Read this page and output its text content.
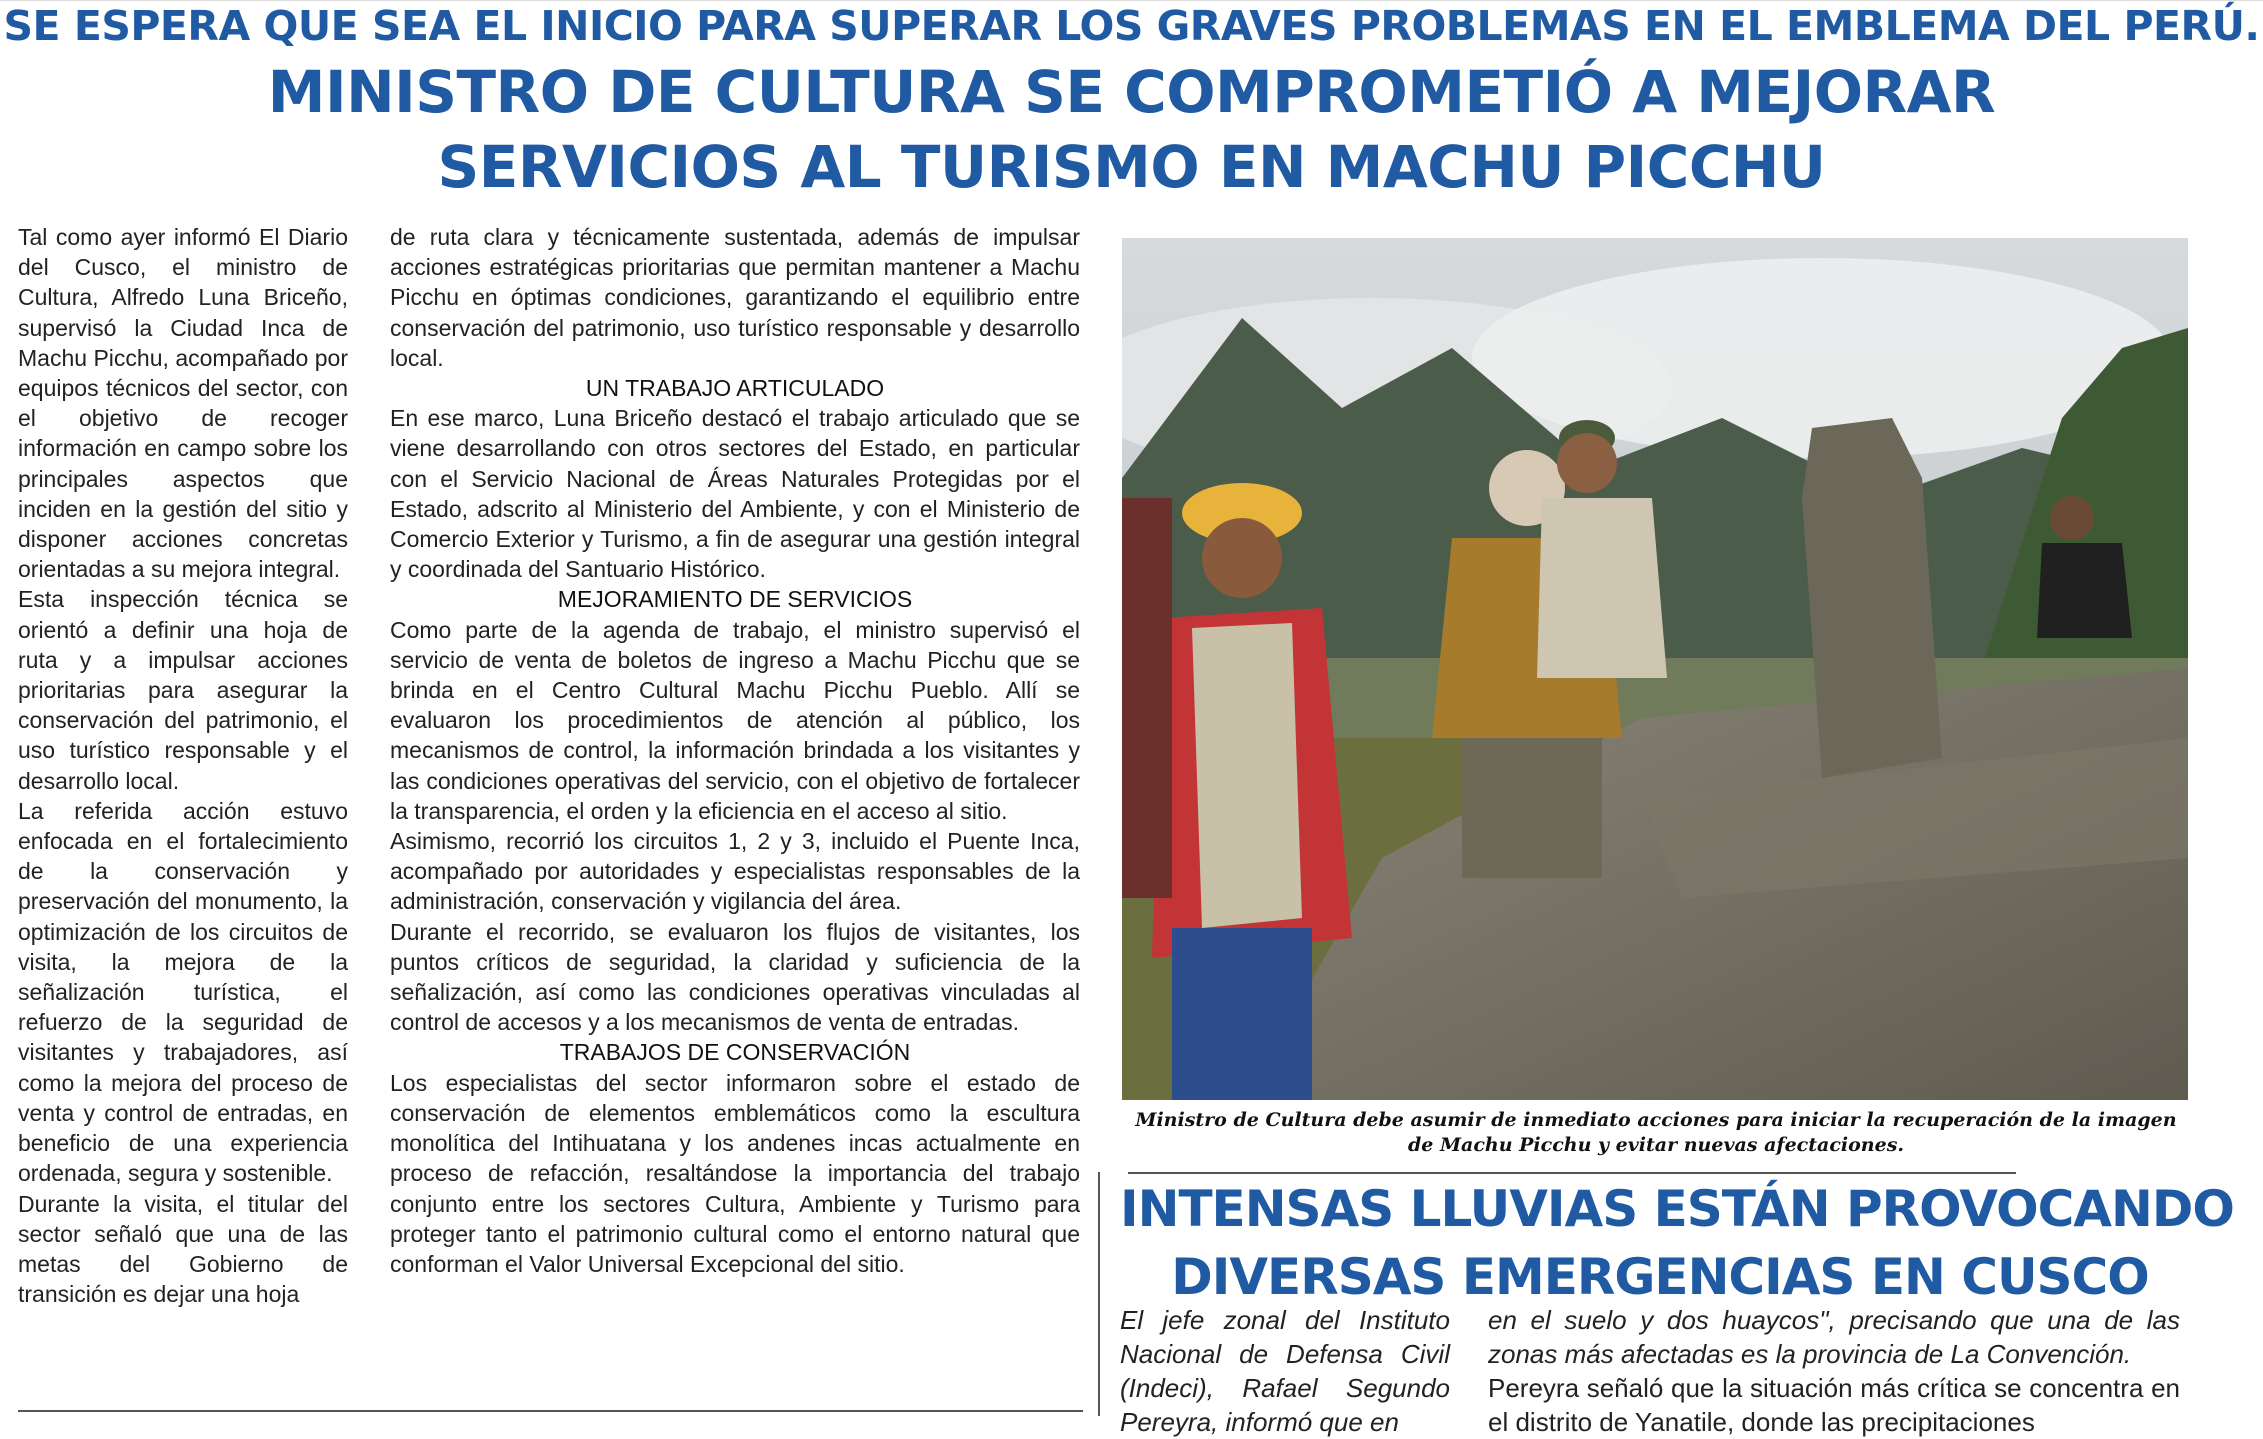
SE ESPERA QUE SEA EL INICIO PARA SUPERAR LOS GRAVES PROBLEMAS EN EL EMBLEMA DEL PERÚ.
MINISTRO DE CULTURA SE COMPROMETIÓ A MEJORAR
SERVICIOS AL TURISMO EN MACHU PICCHU

Tal como ayer informó El Diario del Cusco, el ministro de Cultura, Alfredo Luna Briceño, supervisó la Ciudad Inca de Machu Picchu, acompañado por equipos técnicos del sector, con el objetivo de recoger información en campo sobre los principales aspectos que inciden en la gestión del sitio y disponer acciones concretas orientadas a su mejora integral.

Esta inspección técnica se orientó a definir una hoja de ruta y a impulsar acciones prioritarias para asegurar la conservación del patrimonio, el uso turístico responsable y el desarrollo local.

La referida acción estuvo enfocada en el fortalecimiento de la conservación y preservación del monumento, la optimización de los circuitos de visita, la mejora de la señalización turística, el refuerzo de la seguridad de visitantes y trabajadores, así como la mejora del proceso de venta y control de entradas, en beneficio de una experiencia ordenada, segura y sostenible.

Durante la visita, el titular del sector señaló que una de las metas del Gobierno de transición es dejar una hoja

de ruta clara y técnicamente sustentada, además de impulsar acciones estratégicas prioritarias que permitan mantener a Machu Picchu en óptimas condiciones, garantizando el equilibrio entre conservación del patrimonio, uso turístico responsable y desarrollo local.

UN TRABAJO ARTICULADO

En ese marco, Luna Briceño destacó el trabajo articulado que se viene desarrollando con otros sectores del Estado, en particular con el Servicio Nacional de Áreas Naturales Protegidas por el Estado, adscrito al Ministerio del Ambiente, y con el Ministerio de Comercio Exterior y Turismo, a fin de asegurar una gestión integral y coordinada del Santuario Histórico.

MEJORAMIENTO DE SERVICIOS

Como parte de la agenda de trabajo, el ministro supervisó el servicio de venta de boletos de ingreso a Machu Picchu que se brinda en el Centro Cultural Machu Picchu Pueblo. Allí se evaluaron los procedimientos de atención al público, los mecanismos de control, la información brindada a los visitantes y las condiciones operativas del servicio, con el objetivo de fortalecer la transparencia, el orden y la eficiencia en el acceso al sitio.

Asimismo, recorrió los circuitos 1, 2 y 3, incluido el Puente Inca, acompañado por autoridades y especialistas responsables de la administración, conservación y vigilancia del área.

Durante el recorrido, se evaluaron los flujos de visitantes, los puntos críticos de seguridad, la claridad y suficiencia de la señalización, así como las condiciones operativas vinculadas al control de accesos y a los mecanismos de venta de entradas.

TRABAJOS DE CONSERVACIÓN

Los especialistas del sector informaron sobre el estado de conservación de elementos emblemáticos como la escultura monolítica del Intihuatana y los andenes incas actualmente en proceso de refacción, resaltándose la importancia del trabajo conjunto entre los sectores Cultura, Ambiente y Turismo para proteger tanto el patrimonio cultural como el entorno natural que conforman el Valor Universal Excepcional del sitio.

Ministro de Cultura debe asumir de inmediato acciones para iniciar la recuperación de la imagen de Machu Picchu y evitar nuevas afectaciones.
INTENSAS LLUVIAS ESTÁN PROVOCANDO
DIVERSAS EMERGENCIAS EN CUSCO

El jefe zonal del Instituto Nacional de Defensa Civil (Indeci), Rafael Segundo Pereyra, informó que en

en el suelo y dos huaycos", precisando que una de las zonas más afectadas es la provincia de La Convención.

Pereyra señaló que la situación más crítica se concentra en el distrito de Yanatile, donde las precipitaciones
